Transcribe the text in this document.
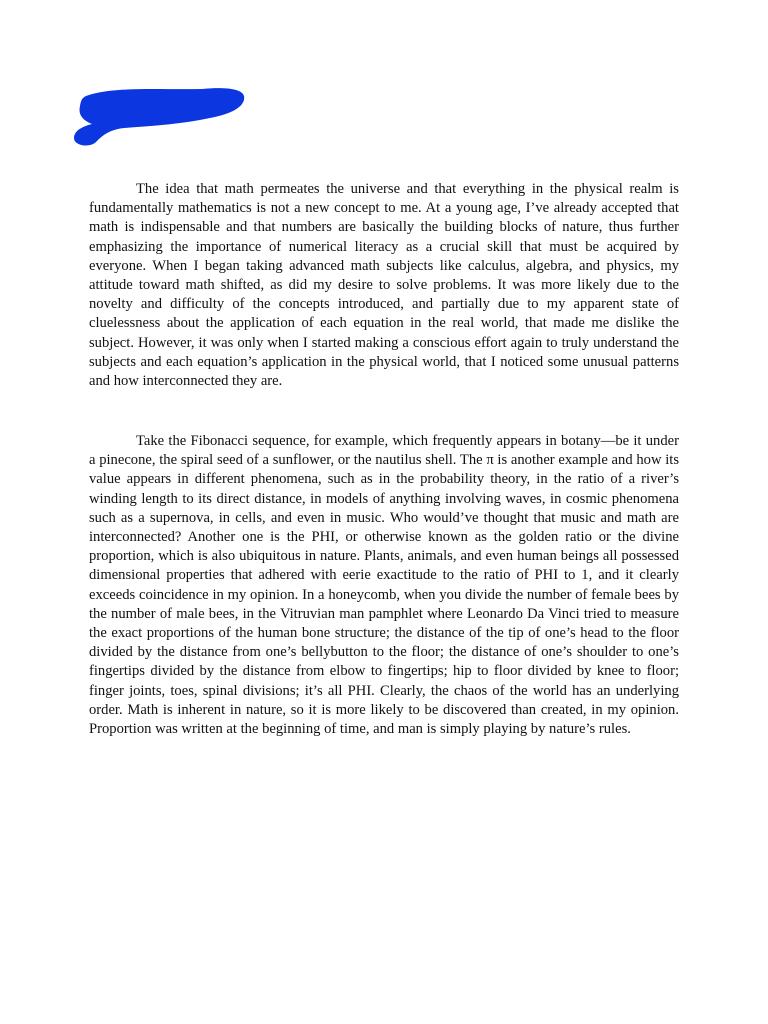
The idea that math permeates the universe and that everything in the physical realm is fundamentally mathematics is not a new concept to me. At a young age, I’ve already accepted that math is indispensable and that numbers are basically the building blocks of nature, thus further emphasizing the importance of numerical literacy as a crucial skill that must be acquired by everyone. When I began taking advanced math subjects like calculus, algebra, and physics, my attitude toward math shifted, as did my desire to solve problems. It was more likely due to the novelty and difficulty of the concepts introduced, and partially due to my apparent state of cluelessness about the application of each equation in the real world, that made me dislike the subject. However, it was only when I started making a conscious effort again to truly understand the subjects and each equation’s application in the physical world, that I noticed some unusual patterns and how interconnected they are.

Take the Fibonacci sequence, for example, which frequently appears in botany—be it under a pinecone, the spiral seed of a sunflower, or the nautilus shell. The π is another example and how its value appears in different phenomena, such as in the probability theory, in the ratio of a river’s winding length to its direct distance, in models of anything involving waves, in cosmic phenomena such as a supernova, in cells, and even in music. Who would’ve thought that music and math are interconnected? Another one is the PHI, or otherwise known as the golden ratio or the divine proportion, which is also ubiquitous in nature. Plants, animals, and even human beings all possessed dimensional properties that adhered with eerie exactitude to the ratio of PHI to 1, and it clearly exceeds coincidence in my opinion. In a honeycomb, when you divide the number of female bees by the number of male bees, in the Vitruvian man pamphlet where Leonardo Da Vinci tried to measure the exact proportions of the human bone structure; the distance of the tip of one’s head to the floor divided by the distance from one’s bellybutton to the floor; the distance of one’s shoulder to one’s fingertips divided by the distance from elbow to fingertips; hip to floor divided by knee to floor; finger joints, toes, spinal divisions; it’s all PHI. Clearly, the chaos of the world has an underlying order. Math is inherent in nature, so it is more likely to be discovered than created, in my opinion. Proportion was written at the beginning of time, and man is simply playing by nature’s rules.
